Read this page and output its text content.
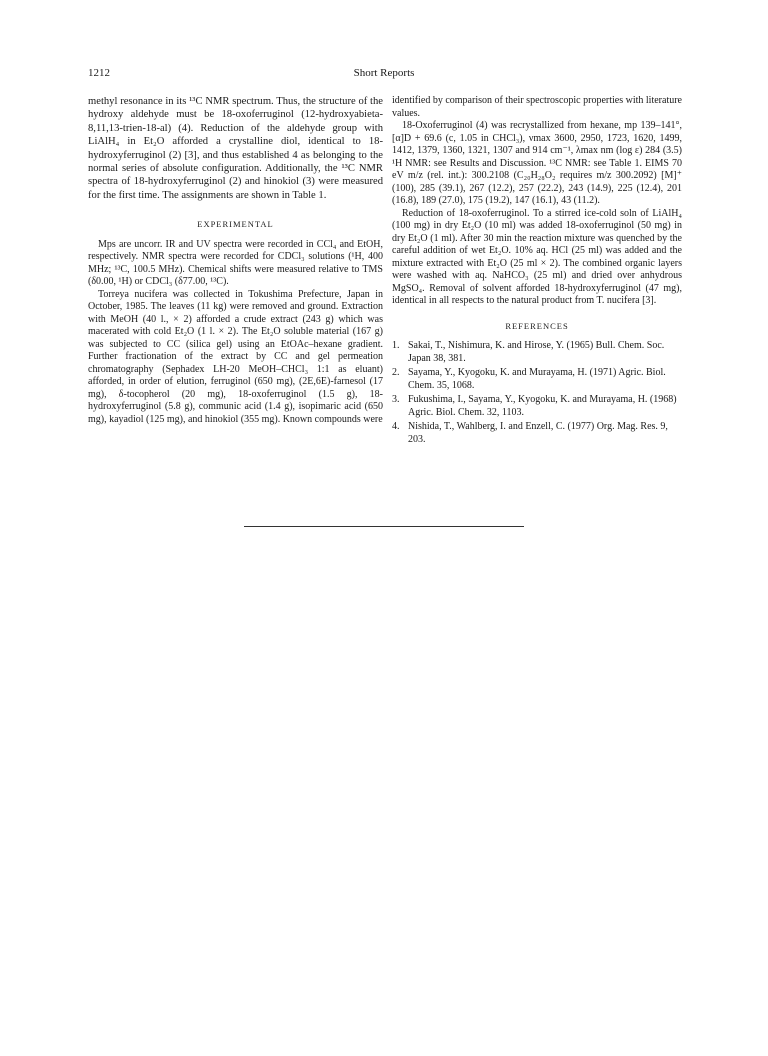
1212	Short Reports

methyl resonance in its ¹³C NMR spectrum. Thus, the structure of the hydroxy aldehyde must be 18-oxoferruginol (12-hydroxyabieta-8,11,13-trien-18-al) (4). Reduction of the aldehyde group with LiAlH₄ in Et₂O afforded a crystalline diol, identical to 18-hydroxyferruginol (2) [3], and thus established 4 as belonging to the normal series of absolute configuration. Additionally, the ¹³C NMR spectra of 18-hydroxyferruginol (2) and hinokiol (3) were measured for the first time. The assignments are shown in Table 1.

EXPERIMENTAL

Mps are uncorr. IR and UV spectra were recorded in CCl₄ and EtOH, respectively. NMR spectra were recorded for CDCl₃ solutions (¹H, 400 MHz; ¹³C, 100.5 MHz). Chemical shifts were measured relative to TMS (δ0.00, ¹H) or CDCl₃ (δ77.00, ¹³C).

Torreya nucifera was collected in Tokushima Prefecture, Japan in October, 1985. The leaves (11 kg) were removed and ground. Extraction with MeOH (40 l., × 2) afforded a crude extract (243 g) which was macerated with cold Et₂O (1 l. × 2). The Et₂O soluble material (167 g) was subjected to CC (silica gel) using an EtOAc–hexane gradient. Further fractionation of the extract by CC and gel permeation chromatography (Sephadex LH-20 MeOH–CHCl₃ 1:1 as eluant) afforded, in order of elution, ferruginol (650 mg), (2E,6E)-farnesol (17 mg), δ-tocopherol (20 mg), 18-oxoferruginol (1.5 g), 18-hydroxyferruginol (5.8 g), communic acid (1.4 g), isopimaric acid (650 mg), kayadiol (125 mg), and hinokiol (355 mg). Known compounds were

identified by comparison of their spectroscopic properties with literature values.

18-Oxoferruginol (4) was recrystallized from hexane, mp 139–141°, [α]D + 69.6 (c, 1.05 in CHCl₃), νmax 3600, 2950, 1723, 1620, 1499, 1412, 1379, 1360, 1321, 1307 and 914 cm⁻¹, λmax nm (log ε) 284 (3.5) ¹H NMR: see Results and Discussion. ¹³C NMR: see Table 1. EIMS 70 eV m/z (rel. int.): 300.2108 (C₂₀H₂₈O₂ requires m/z 300.2092) [M]⁺ (100), 285 (39.1), 267 (12.2), 257 (22.2), 243 (14.9), 225 (12.4), 201 (16.8), 189 (27.0), 175 (19.2), 147 (16.1), 43 (11.2).

Reduction of 18-oxoferruginol. To a stirred ice-cold soln of LiAlH₄ (100 mg) in dry Et₂O (10 ml) was added 18-oxoferruginol (50 mg) in dry Et₂O (1 ml). After 30 min the reaction mixture was quenched by the careful addition of wet Et₂O. 10% aq. HCl (25 ml) was added and the mixture extracted with Et₂O (25 ml × 2). The combined organic layers were washed with aq. NaHCO₃ (25 ml) and dried over anhydrous MgSO₄. Removal of solvent afforded 18-hydroxyferruginol (47 mg), identical in all respects to the natural product from T. nucifera [3].

REFERENCES

1. Sakai, T., Nishimura, K. and Hirose, Y. (1965) Bull. Chem. Soc. Japan 38, 381.
2. Sayama, Y., Kyogoku, K. and Murayama, H. (1971) Agric. Biol. Chem. 35, 1068.
3. Fukushima, I., Sayama, Y., Kyogoku, K. and Murayama, H. (1968) Agric. Biol. Chem. 32, 1103.
4. Nishida, T., Wahlberg, I. and Enzell, C. (1977) Org. Mag. Res. 9, 203.
